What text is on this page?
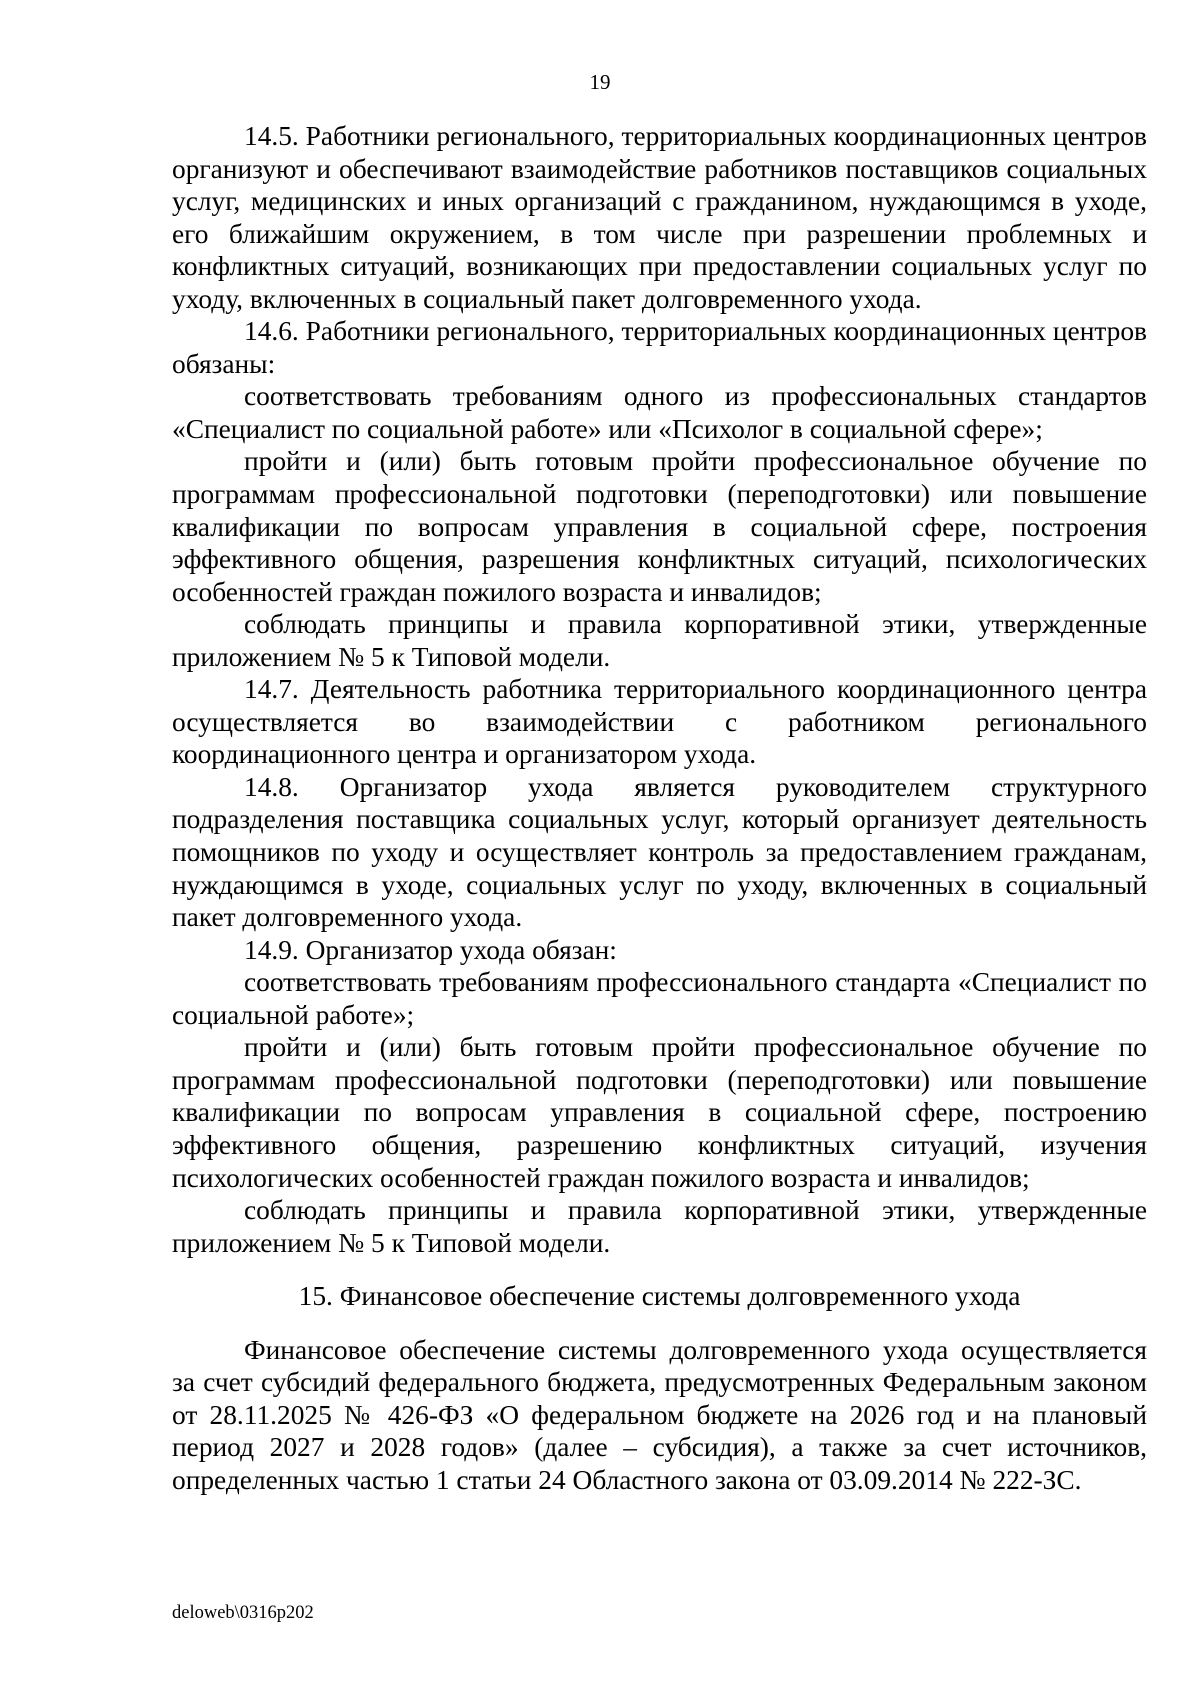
19

14.5. Работники регионального, территориальных координационных центров организуют и обеспечивают взаимодействие работников поставщиков социальных услуг, медицинских и иных организаций с гражданином, нуждающимся в уходе, его ближайшим окружением, в том числе при разрешении проблемных и конфликтных ситуаций, возникающих при предоставлении социальных услуг по уходу, включенных в социальный пакет долговременного ухода.

14.6. Работники регионального, территориальных координационных центров обязаны:

соответствовать требованиям одного из профессиональных стандартов «Специалист по социальной работе» или «Психолог в социальной сфере»;

пройти и (или) быть готовым пройти профессиональное обучение по программам профессиональной подготовки (переподготовки) или повышение квалификации по вопросам управления в социальной сфере, построения эффективного общения, разрешения конфликтных ситуаций, психологических особенностей граждан пожилого возраста и инвалидов;

соблюдать принципы и правила корпоративной этики, утвержденные приложением № 5 к Типовой модели.

14.7. Деятельность работника территориального координационного центра осуществляется во взаимодействии с работником регионального координационного центра и организатором ухода.

14.8. Организатор ухода является руководителем структурного подразделения поставщика социальных услуг, который организует деятельность помощников по уходу и осуществляет контроль за предоставлением гражданам, нуждающимся в уходе, социальных услуг по уходу, включенных в социальный пакет долговременного ухода.

14.9. Организатор ухода обязан:

соответствовать требованиям профессионального стандарта «Специалист по социальной работе»;

пройти и (или) быть готовым пройти профессиональное обучение по программам профессиональной подготовки (переподготовки) или повышение квалификации по вопросам управления в социальной сфере, построению эффективного общения, разрешению конфликтных ситуаций, изучения психологических особенностей граждан пожилого возраста и инвалидов;

соблюдать принципы и правила корпоративной этики, утвержденные приложением № 5 к Типовой модели.

15. Финансовое обеспечение системы долговременного ухода

Финансовое обеспечение системы долговременного ухода осуществляется за счет субсидий федерального бюджета, предусмотренных Федеральным законом от 28.11.2025 № 426-ФЗ «О федеральном бюджете на 2026 год и на плановый период 2027 и 2028 годов» (далее – субсидия), а также за счет источников, определенных частью 1 статьи 24 Областного закона от 03.09.2014 № 222-ЗС.

deloweb\0316p202
